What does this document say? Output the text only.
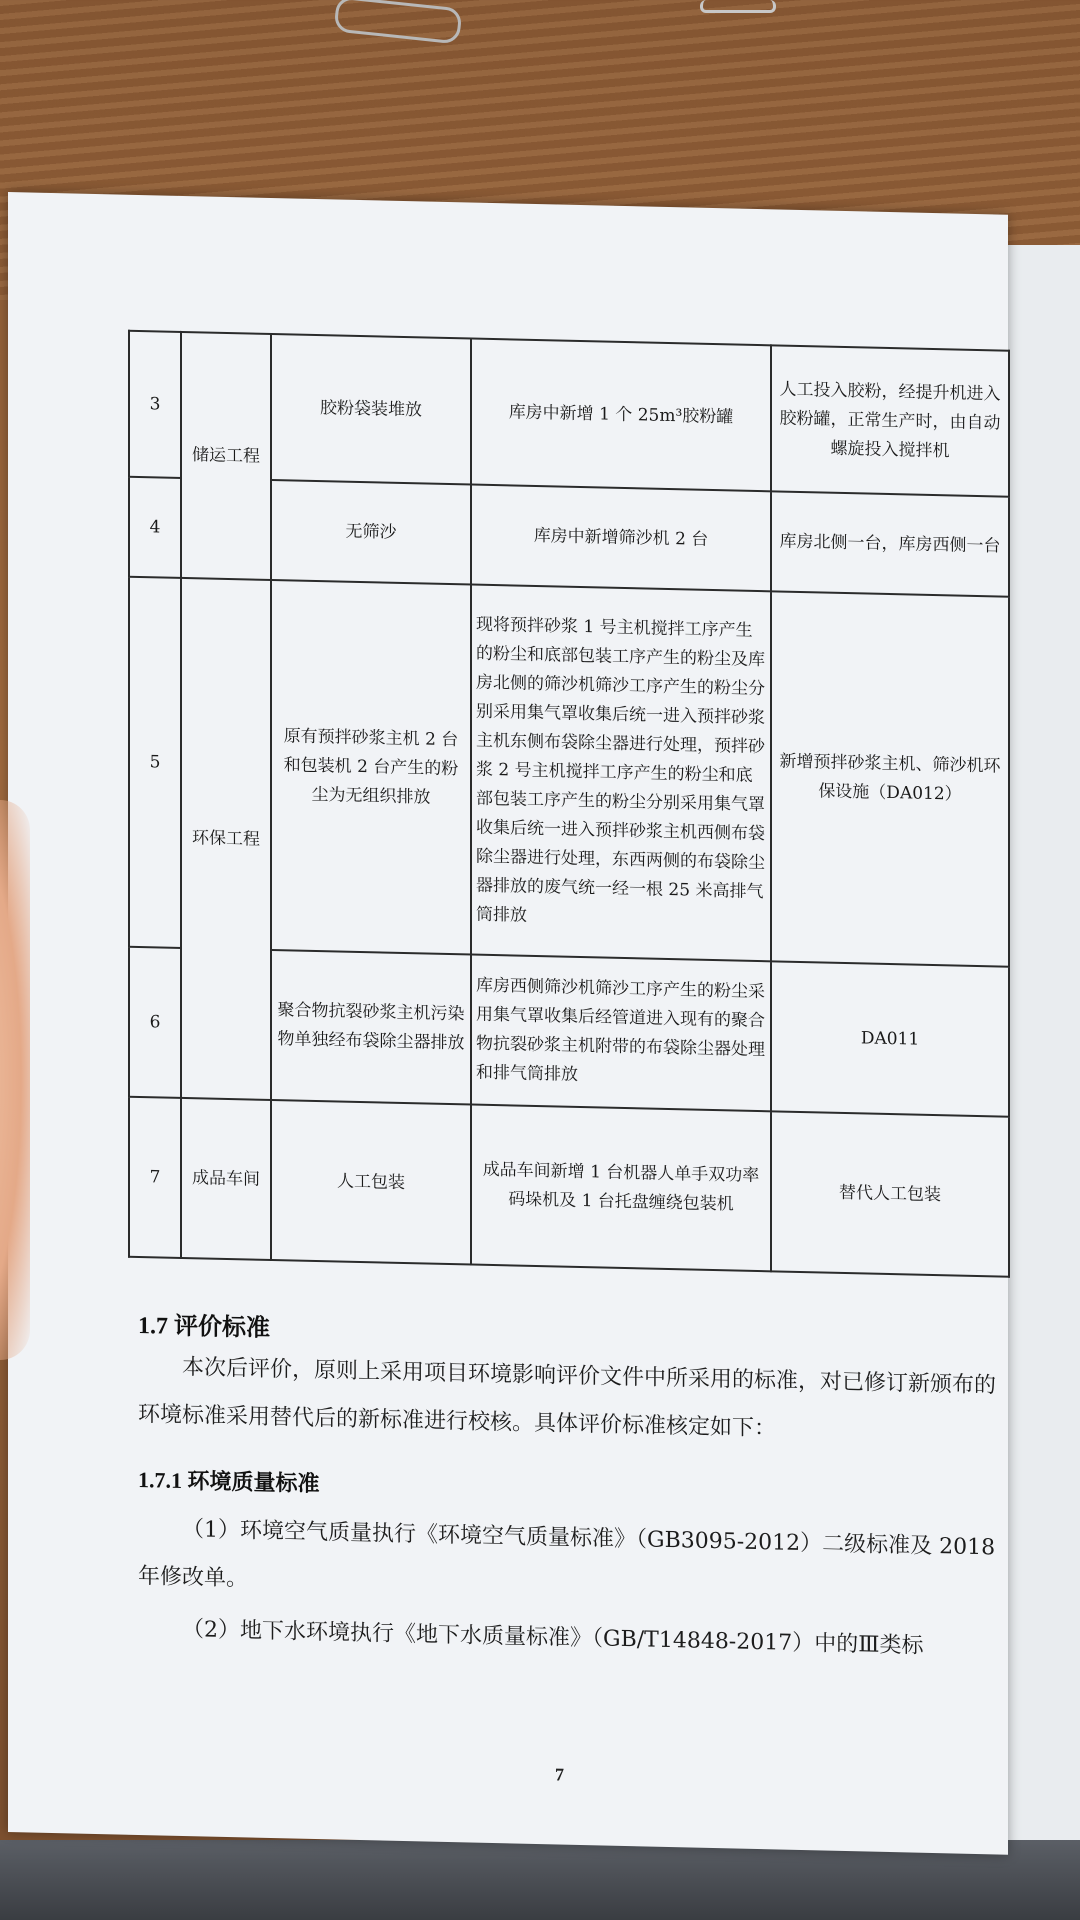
3	储运工程	胶粉袋装堆放	库房中新增 1 个 25m³胶粉罐	人工投入胶粉，经提升机进入胶粉罐，正常生产时，由自动螺旋投入搅拌机
4		无筛沙	库房中新增筛沙机 2 台	库房北侧一台，库房西侧一台
5	环保工程	原有预拌砂浆主机 2 台和包装机 2 台产生的粉尘为无组织排放	现将预拌砂浆 1 号主机搅拌工序产生的粉尘和底部包装工序产生的粉尘及库房北侧的筛沙机筛沙工序产生的粉尘分别采用集气罩收集后统一进入预拌砂浆主机东侧布袋除尘器进行处理，预拌砂浆 2 号主机搅拌工序产生的粉尘和底部包装工序产生的粉尘分别采用集气罩收集后统一进入预拌砂浆主机西侧布袋除尘器进行处理，东西两侧的布袋除尘器排放的废气统一经一根 25 米高排气筒排放	新增预拌砂浆主机、筛沙机环保设施（DA012）
6		聚合物抗裂砂浆主机污染物单独经布袋除尘器排放	库房西侧筛沙机筛沙工序产生的粉尘采用集气罩收集后经管道进入现有的聚合物抗裂砂浆主机附带的布袋除尘器处理和排气筒排放	DA011
7	成品车间	人工包装	成品车间新增 1 台机器人单手双功率码垛机及 1 台托盘缠绕包装机	替代人工包装
1.7 评价标准

本次后评价，原则上采用项目环境影响评价文件中所采用的标准，对已修订新颁布的环境标准采用替代后的新标准进行校核。具体评价标准核定如下：

1.7.1 环境质量标准

（1）环境空气质量执行《环境空气质量标准》（GB3095-2012）二级标准及 2018 年修改单。

（2）地下水环境执行《地下水质量标准》（GB/T14848-2017）中的Ⅲ类标

7
